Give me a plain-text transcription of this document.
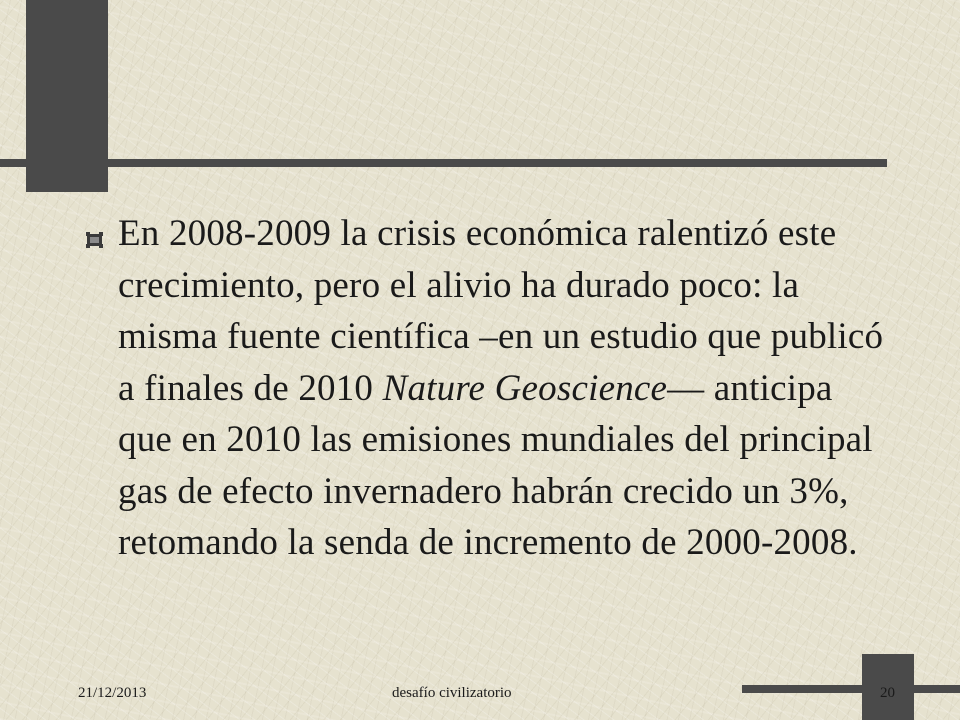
En 2008-2009 la crisis económica ralentizó este crecimiento, pero el alivio ha durado poco: la misma fuente científica –en un estudio que publicó a finales de 2010 Nature Geoscience— anticipa que en 2010 las emisiones mundiales del principal gas de efecto invernadero habrán crecido un 3%, retomando la senda de incremento de 2000-2008.

21/12/2013	desafío civilizatorio	20
